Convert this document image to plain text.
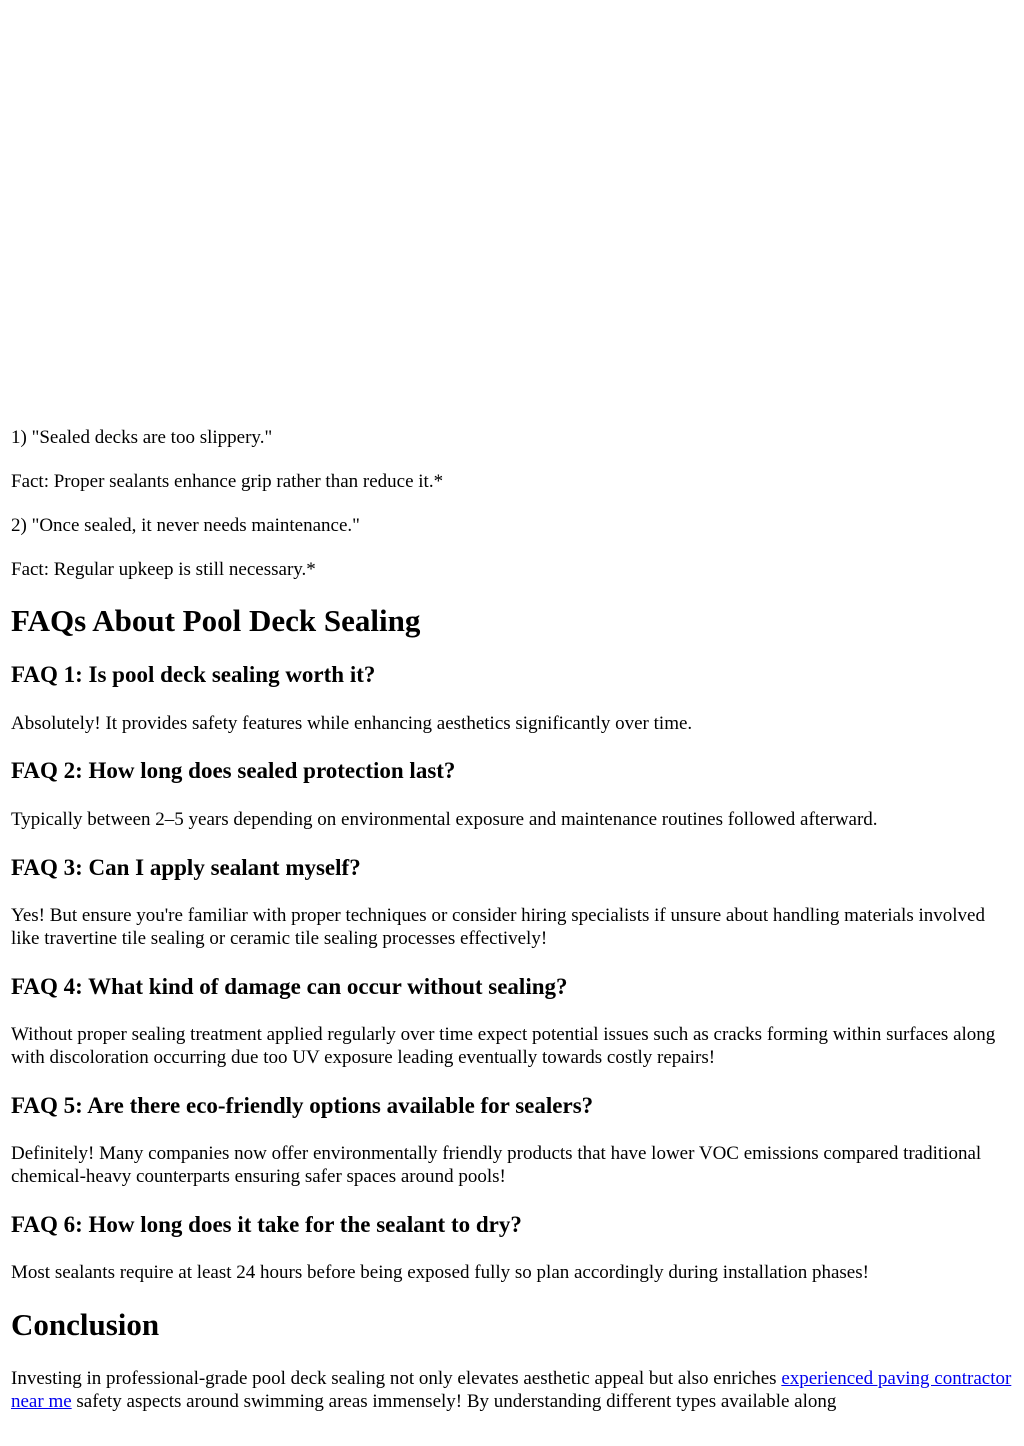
1) "Sealed decks are too slippery."

Fact: Proper sealants enhance grip rather than reduce it.*

2) "Once sealed, it never needs maintenance."

Fact: Regular upkeep is still necessary.*

FAQs About Pool Deck Sealing
FAQ 1: Is pool deck sealing worth it?

Absolutely! It provides safety features while enhancing aesthetics significantly over time.

FAQ 2: How long does sealed protection last?

Typically between 2–5 years depending on environmental exposure and maintenance routines followed afterward.

FAQ 3: Can I apply sealant myself?

Yes! But ensure you're familiar with proper techniques or consider hiring specialists if unsure about handling materials involved like travertine tile sealing or ceramic tile sealing processes effectively!

FAQ 4: What kind of damage can occur without sealing?

Without proper sealing treatment applied regularly over time expect potential issues such as cracks forming within surfaces along with discoloration occurring due too UV exposure leading eventually towards costly repairs!

FAQ 5: Are there eco-friendly options available for sealers?

Definitely! Many companies now offer environmentally friendly products that have lower VOC emissions compared traditional chemical-heavy counterparts ensuring safer spaces around pools!

FAQ 6: How long does it take for the sealant to dry?

Most sealants require at least 24 hours before being exposed fully so plan accordingly during installation phases!

Conclusion

Investing in professional-grade pool deck sealing not only elevates aesthetic appeal but also enriches experienced paving contractor near me safety aspects around swimming areas immensely! By understanding different types available along
